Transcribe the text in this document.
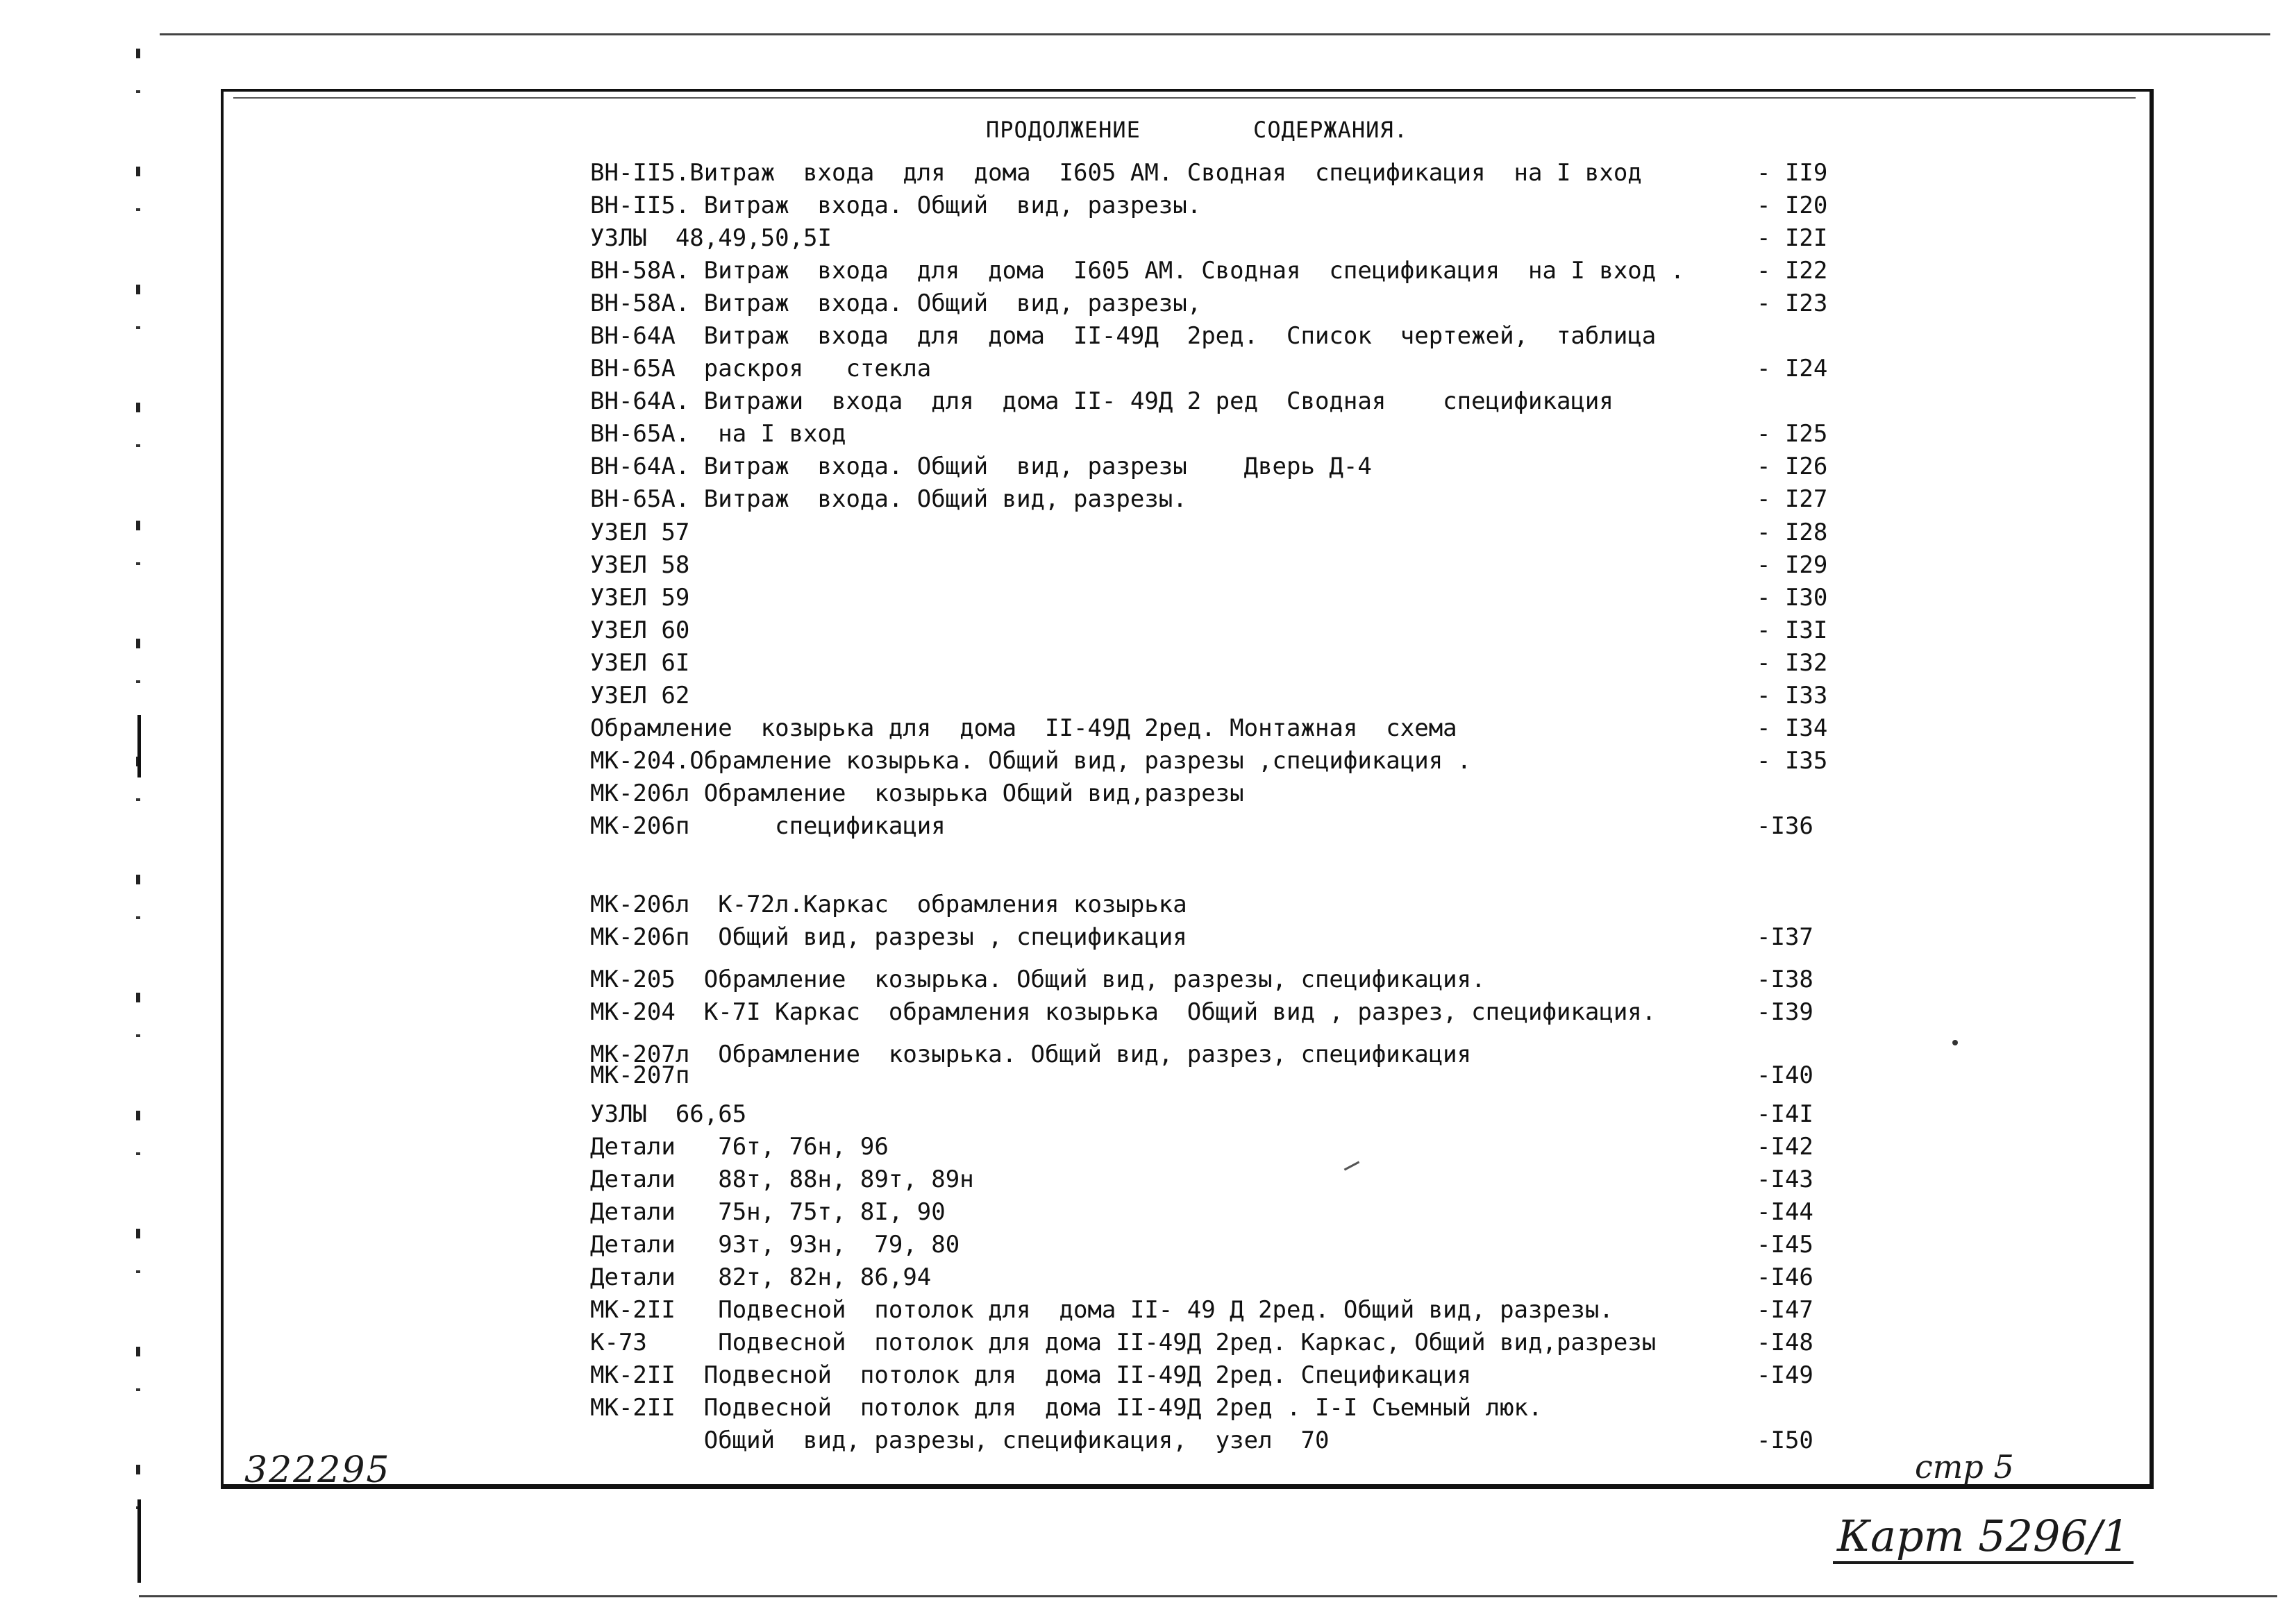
ПРОДОЛЖЕНИЕ        СОДЕРЖАНИЯ.
ВН-II5.Витраж  входа  для  дома  I605 АМ. Сводная  спецификация  на I вход	- II9
ВН-II5. Витраж  входа. Общий  вид, разрезы.	- I20
УЗЛЫ  48,49,50,5I	- I2I
ВН-58А. Витраж  входа  для  дома  I605 АМ. Сводная  спецификация  на I вход .	- I22
ВН-58А. Витраж  входа. Общий  вид, разрезы,	- I23
ВН-64А  Витраж  входа  для  дома  II-49Д  2ред.  Список  чертежей,  таблица
ВН-65А  раскроя   стекла	- I24
ВН-64А. Витражи  входа  для  дома II- 49Д 2 ред  Сводная    спецификация
ВН-65А.  на I вход	- I25
ВН-64А. Витраж  входа. Общий  вид, разрезы    Дверь Д-4	- I26
ВН-65А. Витраж  входа. Общий вид, разрезы.	- I27
УЗЕЛ 57	- I28
УЗЕЛ 58	- I29
УЗЕЛ 59	- I30
УЗЕЛ 60	- I3I
УЗЕЛ 6I	- I32
УЗЕЛ 62	- I33
Обрамление  козырька для  дома  II-49Д 2ред. Монтажная  схема	- I34
МК-204.Обрамление козырька. Общий вид, разрезы ,спецификация .	- I35
МК-206л Обрамление  козырька Общий вид,разрезы
МК-206п      спецификация	-I36
МК-206л  К-72л.Каркас  обрамления козырька
МК-206п  Общий вид, разрезы , спецификация	-I37
МК-205  Обрамление  козырька. Общий вид, разрезы, спецификация.	-I38
МК-204  К-7I Каркас  обрамления козырька  Общий вид , разрез, спецификация.	-I39
МК-207л  Обрамление  козырька. Общий вид, разрез, спецификация
МК-207п	-I40
УЗЛЫ  66,65	-I4I
Детали   76т, 76н, 96	-I42
Детали   88т, 88н, 89т, 89н	-I43
Детали   75н, 75т, 8I, 90	-I44
Детали   93т, 93н,  79, 80	-I45
Детали   82т, 82н, 86,94	-I46
МК-2II   Подвесной  потолок для  дома II- 49 Д 2ред. Общий вид, разрезы.	-I47
К-73     Подвесной  потолок для дома II-49Д 2ред. Каркас, Общий вид,разрезы	-I48
МК-2II  Подвесной  потолок для  дома II-49Д 2ред. Спецификация	-I49
МК-2II  Подвесной  потолок для  дома II-49Д 2ред . I-I Съемный люк.
Общий  вид, разрезы, спецификация,  узел  70	-I50
322295	стр 5
Карт 5296/1
